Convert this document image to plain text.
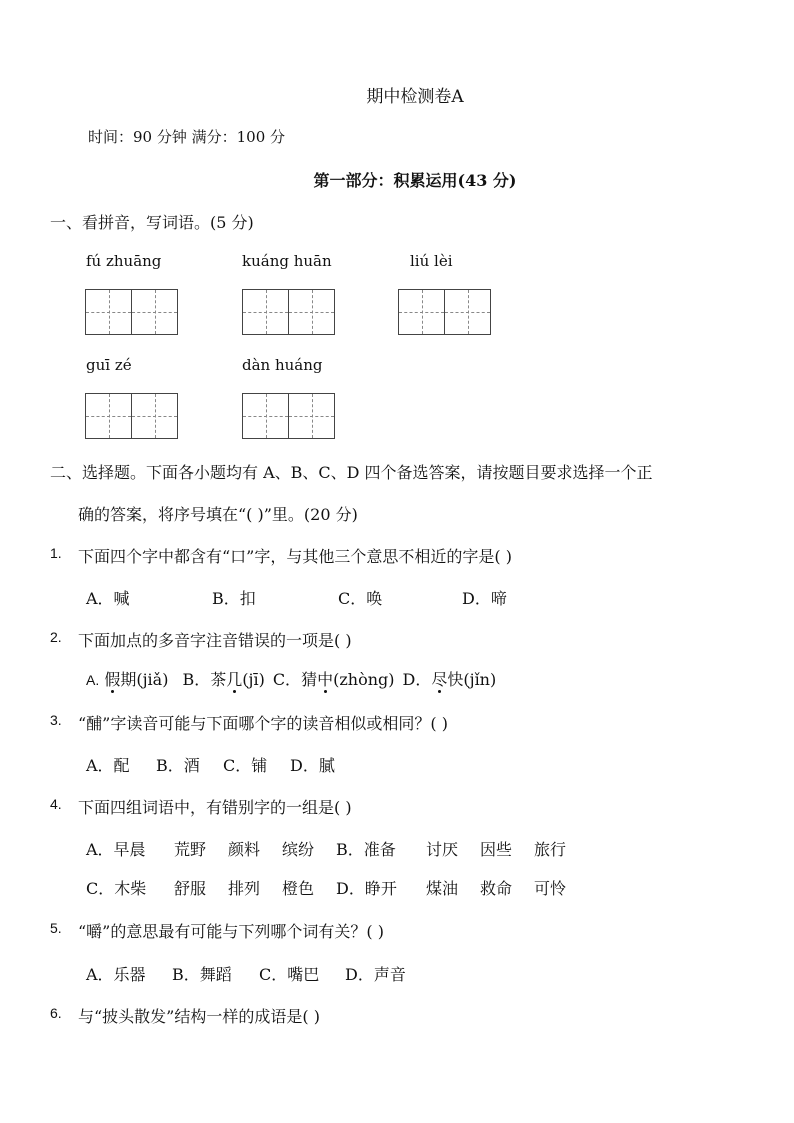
期中检测卷A
时间：90 分钟 满分：100 分
第一部分：积累运用(43 分)
一、看拼音，写词语。(5 分)
fú zhuāng	kuáng huān	liú lèi
guī zé	dàn huáng
二、选择题。下面各小题均有 A、B、C、D 四个备选答案，请按题目要求选择一个正
确的答案，将序号填在“( )”里。(20 分)
1. 下面四个字中都含有“口”字，与其他三个意思不相近的字是( )
A．喊	B．扣	C．唤	D．啼
2. 下面加点的多音字注音错误的一项是( )
A. 假期(jiǎ) B．茶几(jī) C．猜中(zhòng) D．尽快(jǐn)
3. “酺”字读音可能与下面哪个字的读音相似或相同？( )
A．配 B．酒 C．铺 D．膩
4. 下面四组词语中，有错别字的一组是( )
A．早晨 荒野 颜料 缤纷 B．准备 讨厌 因些 旅行
C．木柴 舒服 排列 橙色 D．睁开 煤油 救命 可怜
5. “嚼”的意思最有可能与下列哪个词有关？( )
A．乐器 B．舞蹈 C．嘴巴 D．声音
6. 与“披头散发”结构一样的成语是( )
